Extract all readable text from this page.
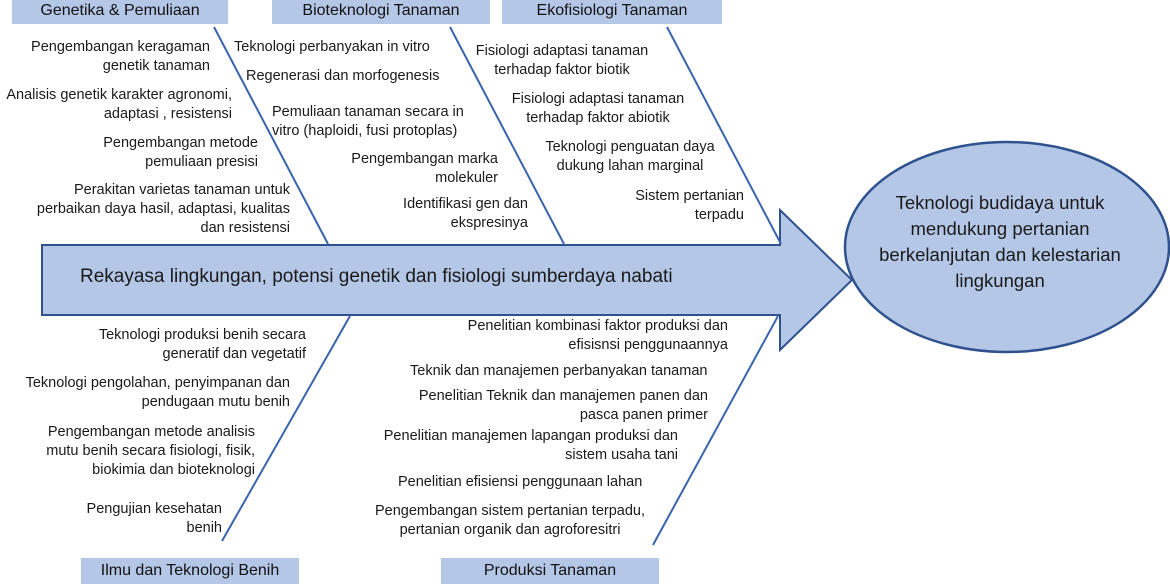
Genetika & Pemuliaan	Bioteknologi Tanaman	Ekofisiologi Tanaman
Ilmu dan Teknologi Benih	Produksi Tanaman
Pengembangan keragaman genetik tanaman
Analisis genetik karakter agronomi, adaptasi , resistensi
Pengembangan metode pemuliaan presisi
Perakitan varietas tanaman untuk perbaikan daya hasil, adaptasi, kualitas dan resistensi
Teknologi perbanyakan in vitro
Regenerasi dan morfogenesis
Pemuliaan tanaman secara in vitro (haploidi, fusi protoplas)
Pengembangan marka molekuler
Identifikasi gen dan ekspresinya
Fisiologi adaptasi tanaman terhadap faktor biotik
Fisiologi adaptasi tanaman terhadap faktor abiotik
Teknologi penguatan daya dukung lahan marginal
Sistem pertanian terpadu
Rekayasa lingkungan, potensi genetik dan fisiologi sumberdaya nabati
Teknologi budidaya untuk mendukung pertanian berkelanjutan dan kelestarian lingkungan
Teknologi produksi benih secara generatif dan vegetatif
Teknologi pengolahan, penyimpanan dan pendugaan mutu benih
Pengembangan metode analisis mutu benih secara fisiologi, fisik, biokimia dan bioteknologi
Pengujian kesehatan benih
Penelitian kombinasi faktor produksi dan efisisnsi penggunaannya
Teknik dan manajemen perbanyakan tanaman
Penelitian Teknik dan manajemen panen dan pasca panen primer
Penelitian manajemen lapangan produksi dan sistem usaha tani
Penelitian efisiensi penggunaan lahan
Pengembangan sistem pertanian terpadu, pertanian organik dan agroforesitri
